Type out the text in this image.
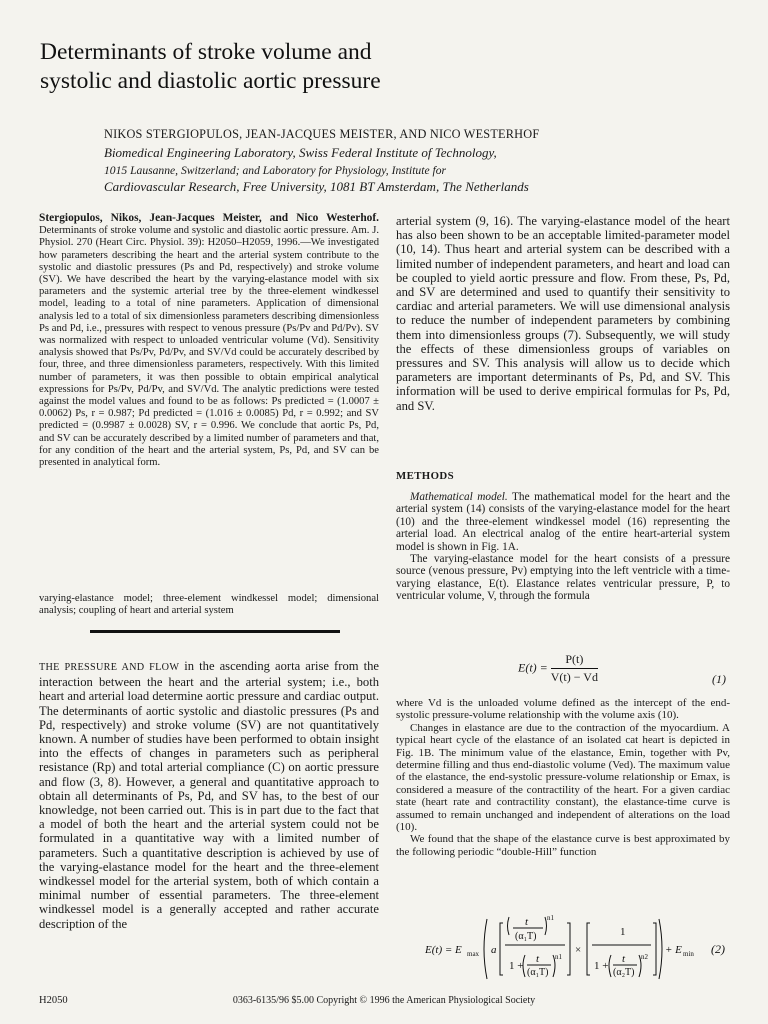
Determinants of stroke volume and
systolic and diastolic aortic pressure
NIKOS STERGIOPULOS, JEAN-JACQUES MEISTER, AND NICO WESTERHOF
Biomedical Engineering Laboratory, Swiss Federal Institute of Technology,
1015 Lausanne, Switzerland; and Laboratory for Physiology, Institute for
Cardiovascular Research, Free University, 1081 BT Amsterdam, The Netherlands
Stergiopulos, Nikos, Jean-Jacques Meister, and Nico Westerhof. Determinants of stroke volume and systolic and diastolic aortic pressure. Am. J. Physiol. 270 (Heart Circ. Physiol. 39): H2050–H2059, 1996.—We investigated how parameters describing the heart and the arterial system contribute to the systolic and diastolic pressures (Ps and Pd, respectively) and stroke volume (SV). We have described the heart by the varying-elastance model with six parameters and the systemic arterial tree by the three-element windkessel model, leading to a total of nine parameters. Application of dimensional analysis led to a total of six dimensionless parameters describing dimensionless Ps and Pd, i.e., pressures with respect to venous pressure (Ps/Pv and Pd/Pv). SV was normalized with respect to unloaded ventricular volume (Vd). Sensitivity analysis showed that Ps/Pv, Pd/Pv, and SV/Vd could be accurately described by four, three, and three dimensionless parameters, respectively. With this limited number of parameters, it was then possible to obtain empirical analytical expressions for Ps/Pv, Pd/Pv, and SV/Vd. The analytic predictions were tested against the model values and found to be as follows: Ps predicted = (1.0007 ± 0.0062) Ps, r = 0.987; Pd predicted = (1.016 ± 0.0085) Pd, r = 0.992; and SV predicted = (0.9987 ± 0.0028) SV, r = 0.996. We conclude that aortic Ps, Pd, and SV can be accurately described by a limited number of parameters and that, for any condition of the heart and the arterial system, Ps, Pd, and SV can be presented in analytical form.
varying-elastance model; three-element windkessel model; dimensional analysis; coupling of heart and arterial system
THE PRESSURE AND FLOW in the ascending aorta arise from the interaction between the heart and the arterial system; i.e., both heart and arterial load determine aortic pressure and cardiac output. The determinants of aortic systolic and diastolic pressures (Ps and Pd, respectively) and stroke volume (SV) are not quantitatively known. A number of studies have been performed to obtain insight into the effects of changes in parameters such as peripheral resistance (Rp) and total arterial compliance (C) on aortic pressure and flow (3, 8). However, a general and quantitative approach to obtain all determinants of Ps, Pd, and SV has, to the best of our knowledge, not been carried out. This is in part due to the fact that a model of both the heart and the arterial system could not be formulated in a quantitative way with a limited number of parameters. Such a quantitative description is achieved by use of the varying-elastance model for the heart and the three-element windkessel model for the arterial system, both of which contain a minimal number of essential parameters. The three-element windkessel model is a generally accepted and rather accurate description of the
arterial system (9, 16). The varying-elastance model of the heart has also been shown to be an acceptable limited-parameter model (10, 14). Thus heart and arterial system can be described with a limited number of independent parameters, and heart and load can be coupled to yield aortic pressure and flow. From these, Ps, Pd, and SV are determined and used to quantify their sensitivity to cardiac and arterial parameters. We will use dimensional analysis to reduce the number of independent parameters by combining them into dimensionless groups (7). Subsequently, we will study the effects of these dimensionless groups of variables on pressures and SV. This analysis will allow us to decide which parameters are important determinants of Ps, Pd, and SV. This information will be used to derive empirical formulas for Ps, Pd, and SV.
METHODS

Mathematical model. The mathematical model for the heart and the arterial system (14) consists of the varying-elastance model for the heart (10) and the three-element windkessel model (16) representing the arterial load. An electrical analog of the entire heart-arterial system model is shown in Fig. 1A.

The varying-elastance model for the heart consists of a pressure source (venous pressure, Pv) emptying into the left ventricle with a time-varying elastance, E(t). Elastance relates ventricular pressure, P, to ventricular volume, V, through the formula

$E(t) = \frac{P(t)}{V(t) - Vd}$	(1)

where Vd is the unloaded volume defined as the intercept of the end-systolic pressure-volume relationship with the volume axis (10).

Changes in elastance are due to the contraction of the myocardium. A typical heart cycle of the elastance of an isolated cat heart is depicted in Fig. 1B. The minimum value of the elastance, Emin, together with Pv, determine filling and thus end-diastolic volume (Ved). The maximum value of the elastance, the end-systolic pressure-volume relationship or Emax, is considered a measure of the contractility of the heart. For a given cardiac state (heart rate and contractility constant), the elastance-time curve is assumed to remain unchanged and independent of alterations on the load (10).

We found that the shape of the elastance curve is best approximated by the following periodic “double-Hill” function

E(t) = E max a
t	n1
(α₁T)
1 +
t
(α₁T)
n1
×
1
1 +
t
(α₂T)
n2
+ E min (2)
H2050	0363-6135/96 $5.00 Copyright © 1996 the American Physiological Society
